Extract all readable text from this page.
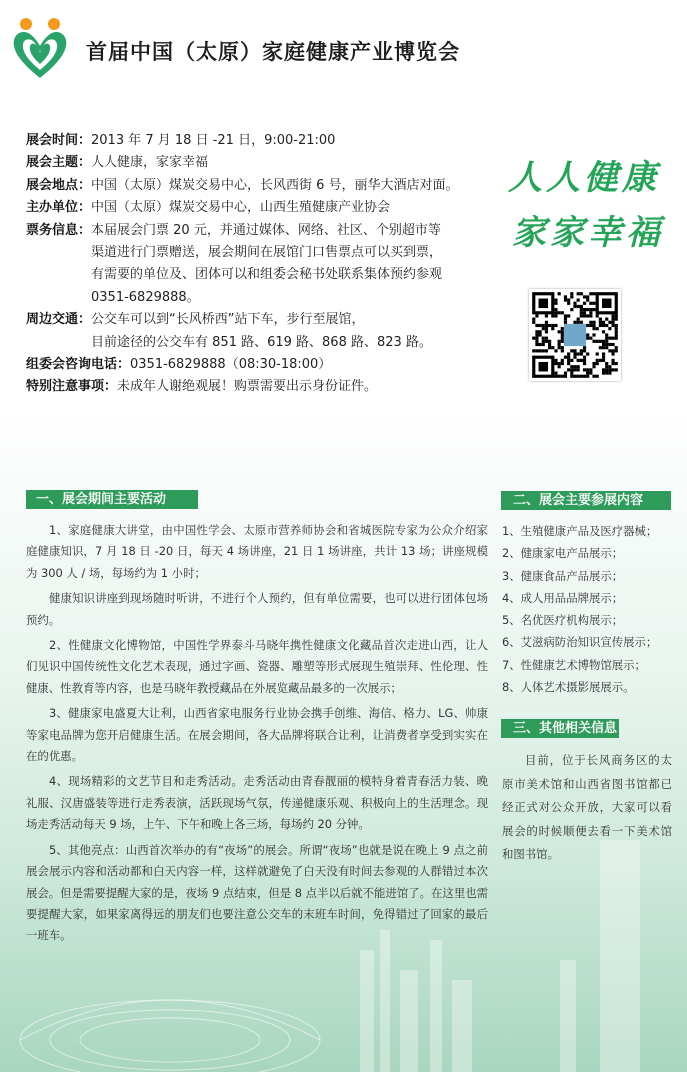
首届中国（太原）家庭健康产业博览会
展会时间： 2013 年 7 月 18 日 -21 日，9:00-21:00
展会主题： 人人健康，家家幸福
展会地点： 中国（太原）煤炭交易中心，长风西街 6 号，丽华大酒店对面。
主办单位： 中国（太原）煤炭交易中心，山西生殖健康产业协会
票务信息： 本届展会门票 20 元，并通过媒体、网络、社区、个别超市等
渠道进行门票赠送，展会期间在展馆门口售票点可以买到票，
有需要的单位及、团体可以和组委会秘书处联系集体预约参观
0351-6829888。
周边交通： 公交车可以到“长风桥西”站下车，步行至展馆，
目前途径的公交车有 851 路、619 路、868 路、823 路。
组委会咨询电话： 0351-6829888（08:30-18:00）
特别注意事项： 未成年人谢绝观展！购票需要出示身份证件。
人人健康
家家幸福
一、展会期间主要活动

1、家庭健康大讲堂，由中国性学会、太原市营养师协会和省城医院专家为公众介绍家庭健康知识，7 月 18 日 -20 日，每天 4 场讲座，21 日 1 场讲座，共计 13 场；讲座规模为 300 人 / 场，每场约为 1 小时；

健康知识讲座到现场随时听讲，不进行个人预约，但有单位需要，也可以进行团体包场预约。

2、性健康文化博物馆，中国性学界泰斗马晓年携性健康文化藏品首次走进山西，让人们见识中国传统性文化艺术表现，通过字画、瓷器、雕塑等形式展现生殖崇拜、性伦理、性健康、性教育等内容，也是马晓年教授藏品在外展览藏品最多的一次展示；

3、健康家电盛夏大让利，山西省家电服务行业协会携手创维、海信、格力、LG、帅康等家电品牌为您开启健康生活。在展会期间，各大品牌将联合让利，让消费者享受到实实在在的优惠。

4、现场精彩的文艺节目和走秀活动。走秀活动由青春靓丽的模特身着青春活力装、晚礼服、汉唐盛装等进行走秀表演，活跃现场气氛，传递健康乐观、积极向上的生活理念。现场走秀活动每天 9 场，上午、下午和晚上各三场，每场约 20 分钟。

5、其他亮点：山西首次举办的有“夜场”的展会。所谓“夜场”也就是说在晚上 9 点之前展会展示内容和活动都和白天内容一样，这样就避免了白天没有时间去参观的人群错过本次展会。但是需要提醒大家的是，夜场 9 点结束，但是 8 点半以后就不能进馆了。在这里也需要提醒大家，如果家离得远的朋友们也要注意公交车的末班车时间，免得错过了回家的最后一班车。

二、展会主要参展内容
1、生殖健康产品及医疗器械；
2、健康家电产品展示；
3、健康食品产品展示；
4、成人用品品牌展示；
5、名优医疗机构展示；
6、艾滋病防治知识宣传展示；
7、性健康艺术博物馆展示；
8、人体艺术摄影展展示。
三、其他相关信息
目前，位于长风商务区的太原市美术馆和山西省图书馆都已经正式对公众开放，大家可以看展会的时候顺便去看一下美术馆和图书馆。
